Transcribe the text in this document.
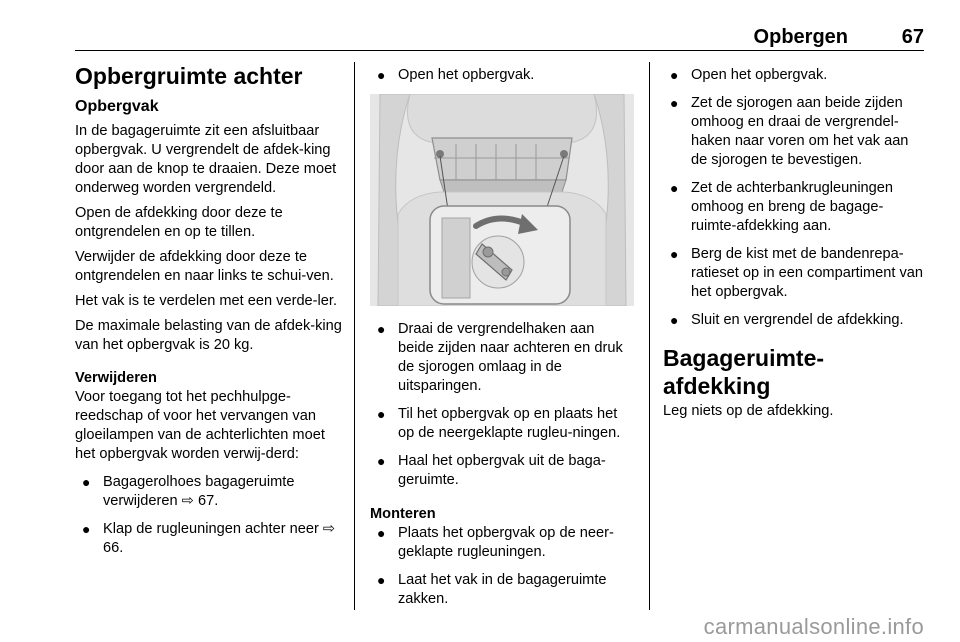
Opbergen	67
Opbergruimte achter
Opbergvak

In de bagageruimte zit een afsluitbaar opbergvak. U vergrendelt de afdek-king door aan de knop te draaien. Deze moet onderweg worden vergrendeld.

Open de afdekking door deze te ontgrendelen en op te tillen.

Verwijder de afdekking door deze te ontgrendelen en naar links te schui-ven.

Het vak is te verdelen met een verde-ler.

De maximale belasting van de afdek-king van het opbergvak is 20 kg.

Verwijderen

Voor toegang tot het pechhulpge-reedschap of voor het vervangen van gloeilampen van de achterlichten moet het opbergvak worden verwij-derd:

● Bagagerolhoes bagageruimte verwijderen ⇨ 67.
● Klap de rugleuningen achter neer ⇨ 66.
● Open het opbergvak.
● Draai de vergrendelhaken aan beide zijden naar achteren en druk de sjorogen omlaag in de uitsparingen.
● Til het opbergvak op en plaats het op de neergeklapte rugleu-ningen.
● Haal het opbergvak uit de baga-geruimte.
Monteren
● Plaats het opbergvak op de neer-geklapte rugleuningen.
● Laat het vak in de bagageruimte zakken.
● Open het opbergvak.
● Zet de sjorogen aan beide zijden omhoog en draai de vergrendel-haken naar voren om het vak aan de sjorogen te bevestigen.
● Zet de achterbankrugleuningen omhoog en breng de bagage-ruimte-afdekking aan.
● Berg de kist met de bandenrepa-ratieset op in een compartiment van het opbergvak.
● Sluit en vergrendel de afdekking.
Bagageruimte-afdekking

Leg niets op de afdekking.

carmanualsonline.info
